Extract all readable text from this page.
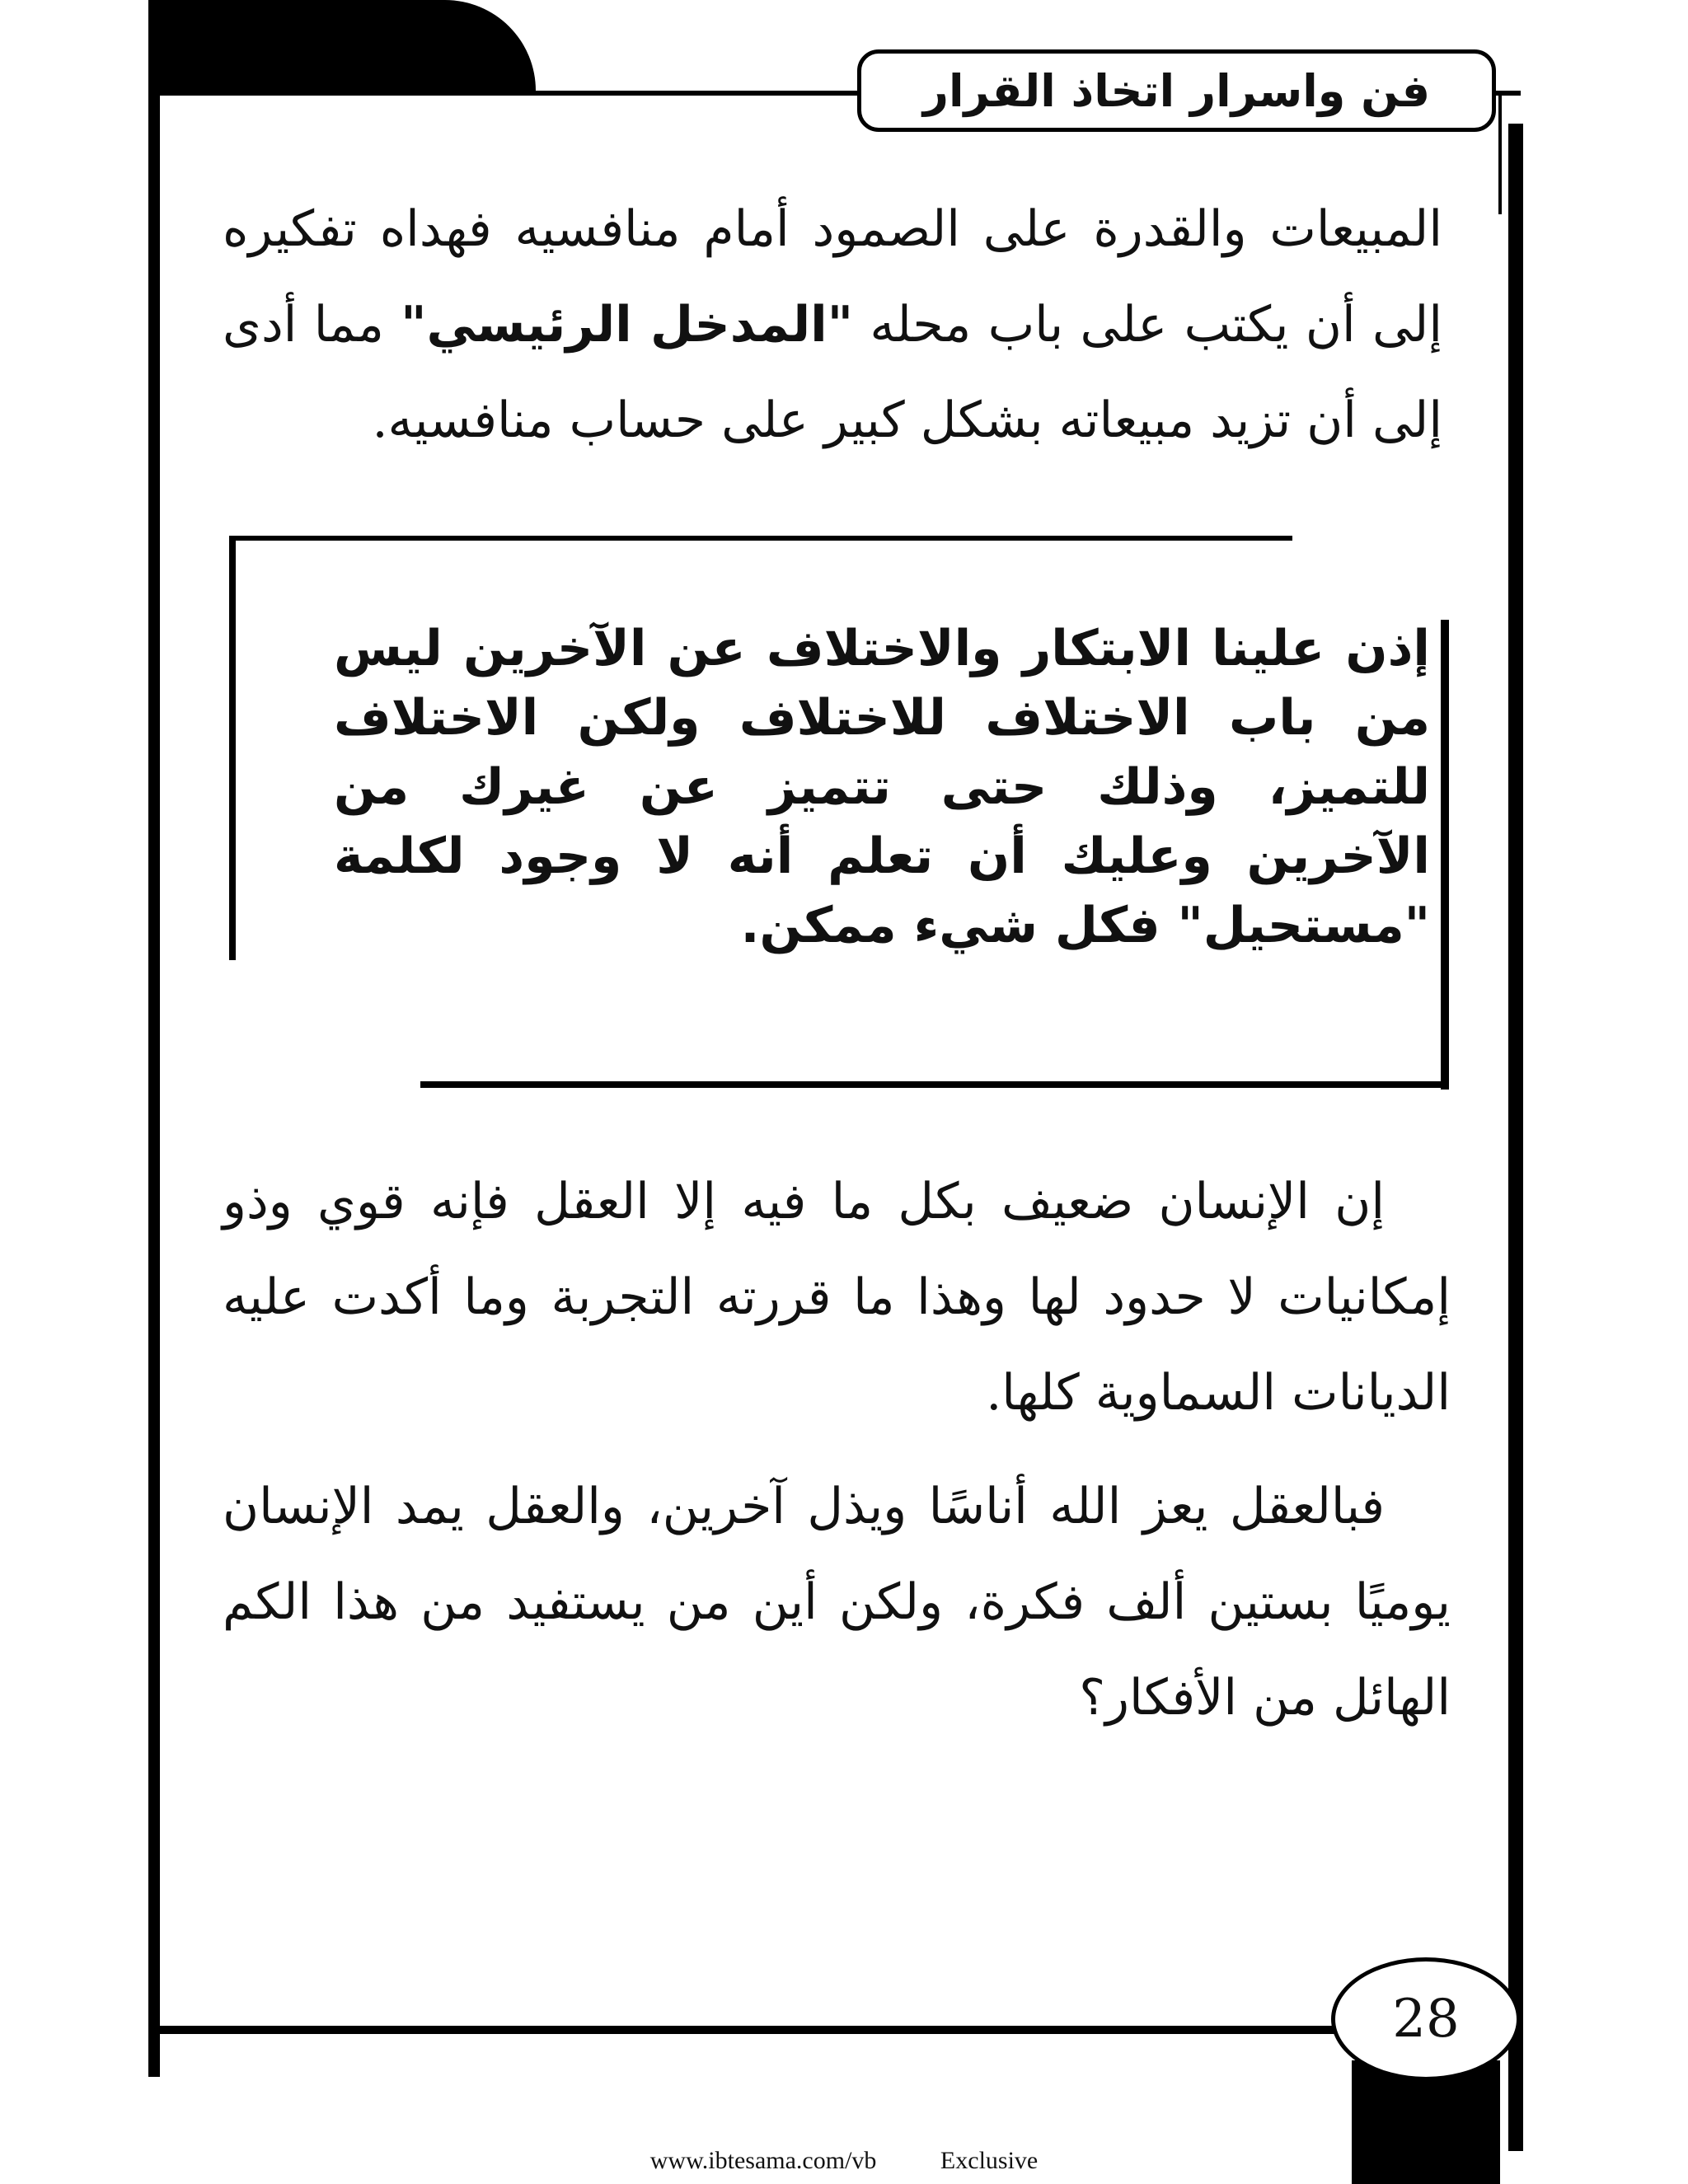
فن واسرار اتخاذ القرار
المبيعات والقدرة على الصمود أمام منافسيه فهداه تفكيره إلى أن يكتب على باب محله "المدخل الرئيسي" مما أدى إلى أن تزيد مبيعاته بشكل كبير على حساب منافسيه.
إذن علينا الابتكار والاختلاف عن الآخرين ليس من باب الاختلاف للاختلاف ولكن الاختلاف للتميز، وذلك حتى تتميز عن غيرك من الآخرين وعليك أن تعلم أنه لا وجود لكلمة "مستحيل" فكل شيء ممكن.
إن الإنسان ضعيف بكل ما فيه إلا العقل فإنه قوي وذو إمكانيات لا حدود لها وهذا ما قررته التجربة وما أكدت عليه الديانات السماوية كلها.
فبالعقل يعز الله أناسًا ويذل آخرين، والعقل يمد الإنسان يوميًا بستين ألف فكرة، ولكن أين من يستفيد من هذا الكم الهائل من الأفكار؟
28
www.ibtesama.com/vb	Exclusive
